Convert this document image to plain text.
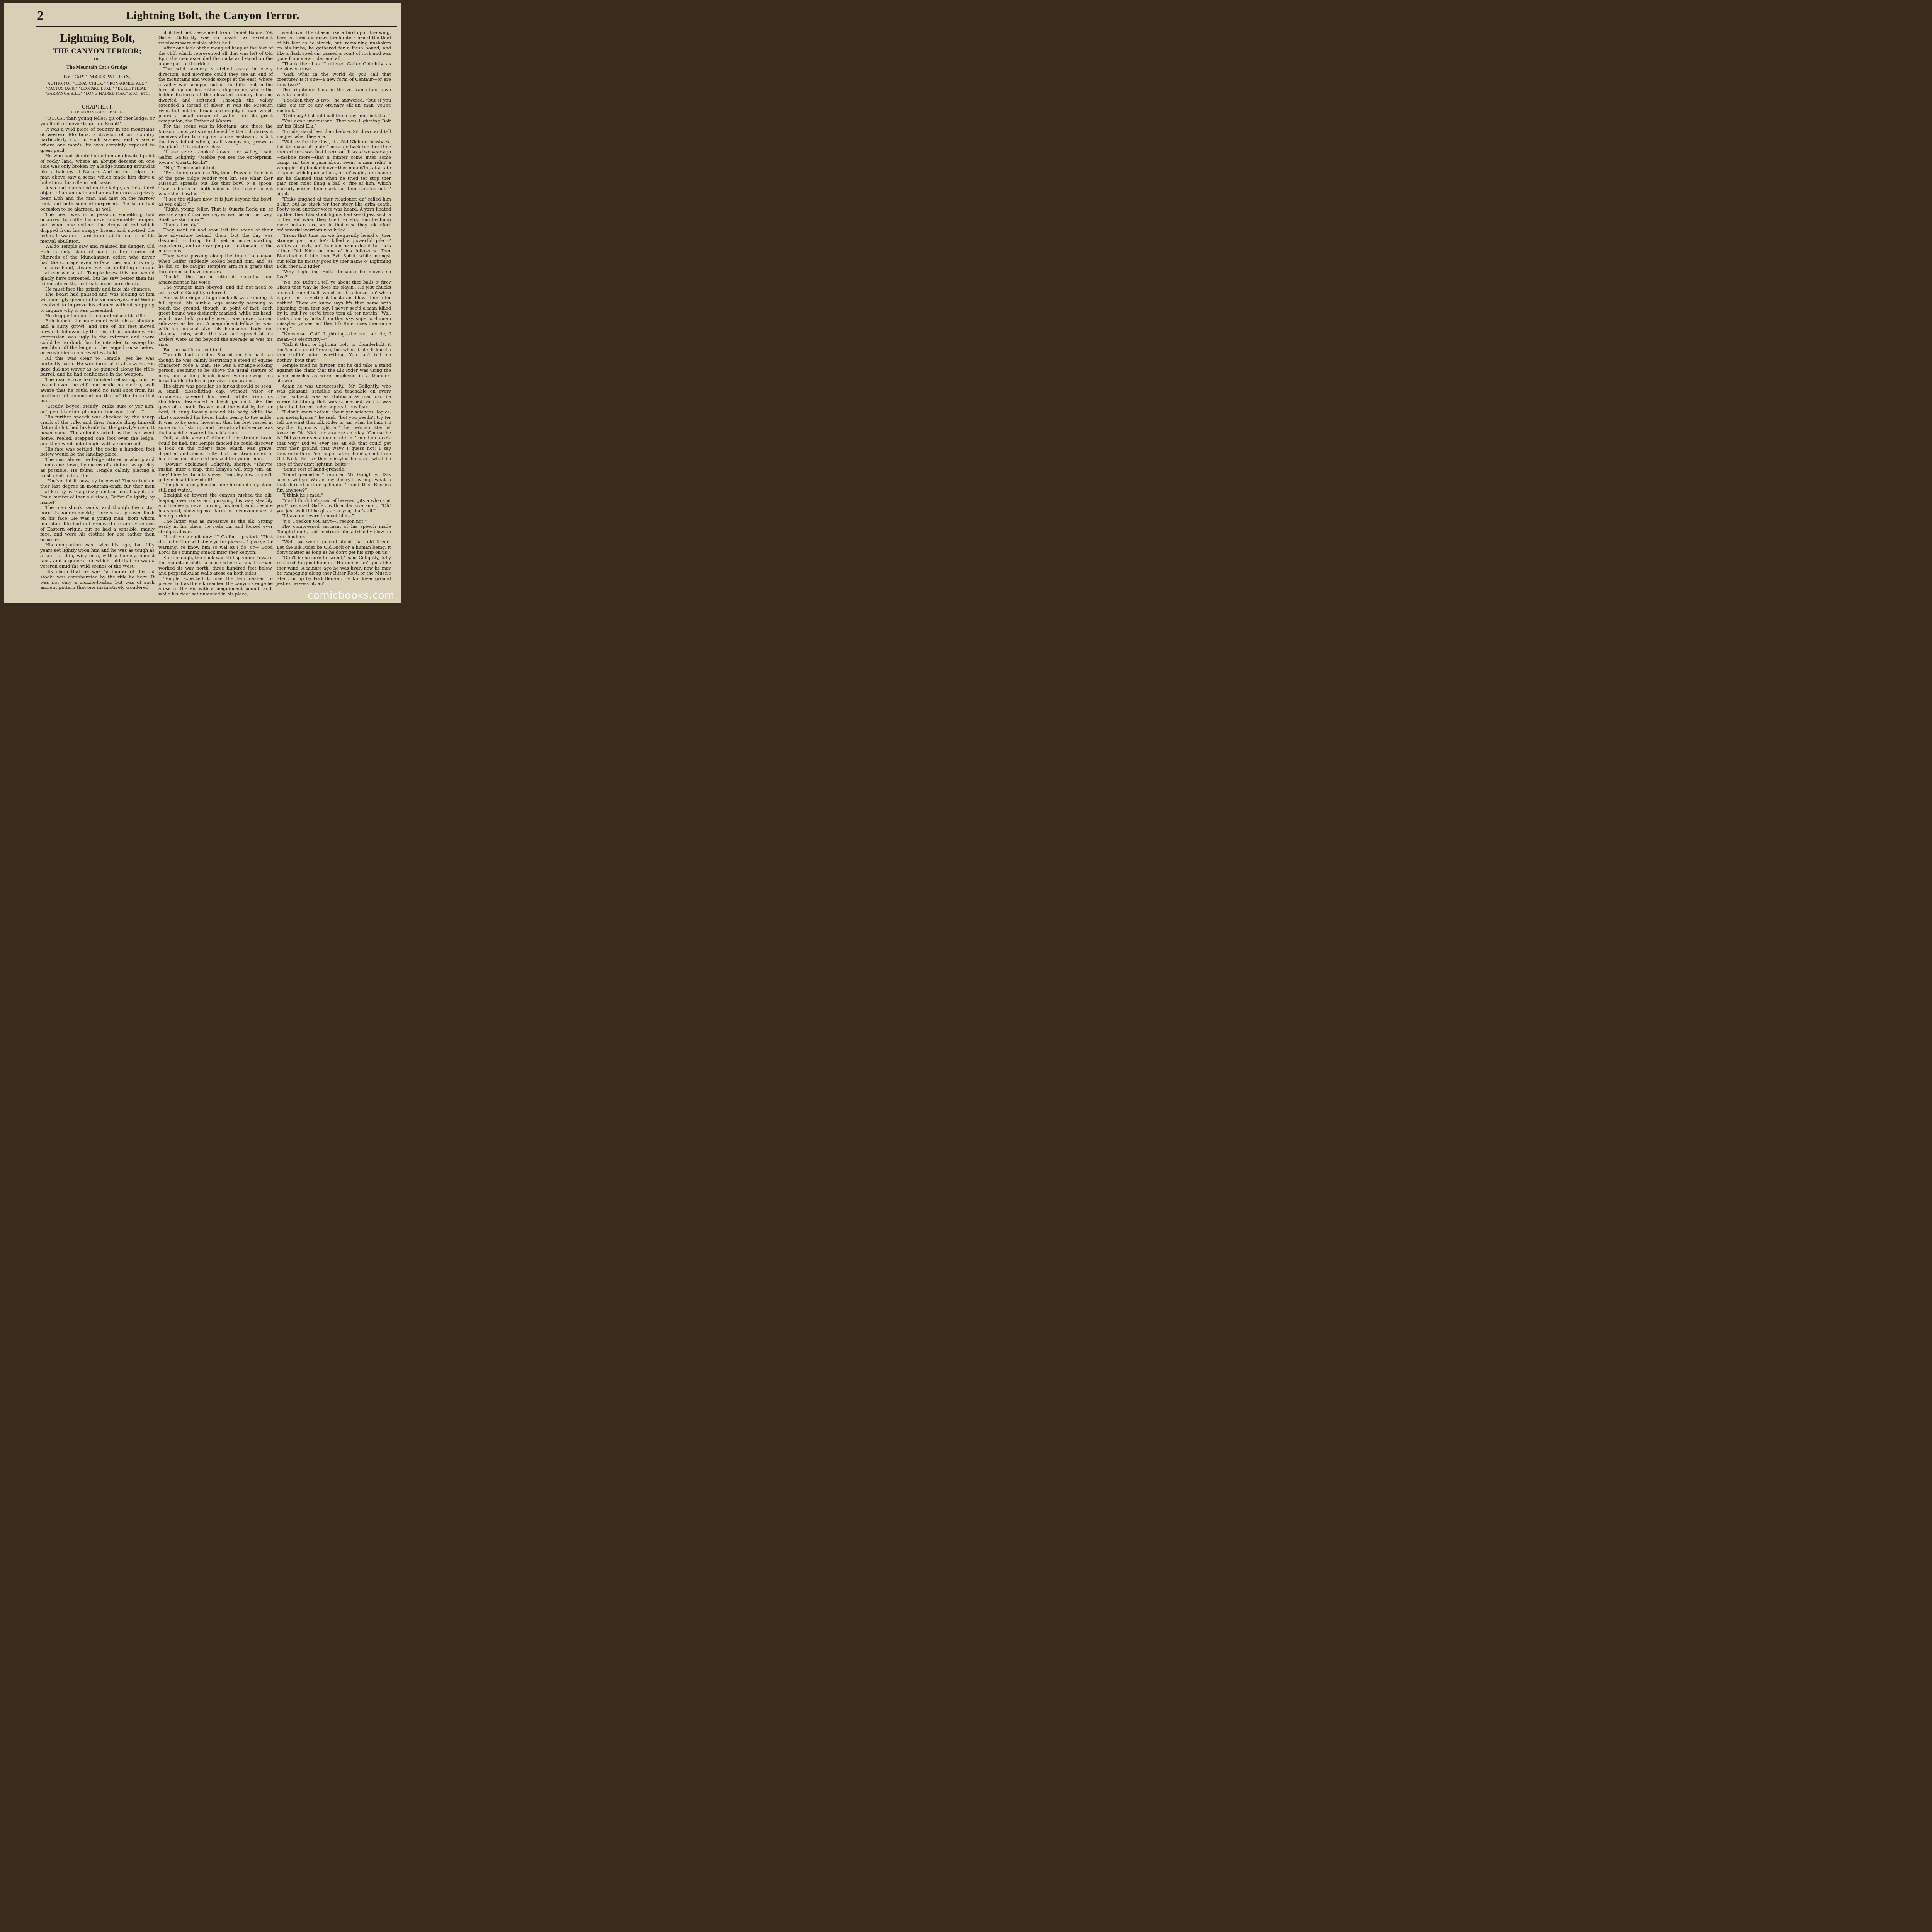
2	Lightning Bolt, the Canyon Terror.
Lightning Bolt,
THE CANYON TERROR;
OR,
The Mountain Cat's Grudge.
BY CAPT. MARK WILTON,
AUTHOR OF “TEXAS CHICK,” “IRON-ARMED ABE,” “CACTUS JACK,” “LEOPARD LUKE,” “BULLET HEAD,” “BARRANCA BILL,” “LONG-HAIRED MAX,” ETC., ETC.
CHAPTER I.
THE MOUNTAIN DEMON.

“QUICK, thar, young feller; git off ther ledge, or you'll git off never to git up. Scoot!”

It was a wild piece of country in the mountains of western Montana, a division of our country particularly rich in such scenes; and a scene where one man's life was certainly exposed to great peril.

He who had shouted stood on an elevated point of rocky land, where an abrupt descent on one side was only broken by a ledge running around it like a balcony of Nature. And on the ledge the man above saw a scene which made him drive a bullet into his rifle in hot haste.

A second man stood on the ledge, as did a third object of an animate and animal nature—a grizzly bear. Eph and the man had met on the narrow rock and both seemed surprised. The latter had occasion to be alarmed, as well.

The bear was in a passion; something had occurred to ruffle his never-too-amiable temper, and when one noticed the drops of red which dripped from his shaggy breast and spotted the ledge, it was not hard to get at the nature of his mental ebullition.

Waldo Temple saw and realized his danger. Old Eph is only slain off-hand in the stories of Nimrods of the Munchausen order, who never had the courage even to face one, and it is only the sure hand, steady eye and unfailing courage that can win at all. Temple knew this and would gladly have retreated, but he saw better than his friend above that retreat meant sure death.

He must face the grizzly and take his chances.

The beast had paused and was looking at him with an ugly gleam in his vicious eyes, and Waldo resolved to improve his chance without stopping to inquire why it was presented.

He dropped on one knee and raised his rifle.

Eph beheld the movement with dissatisfaction and a surly growl, and one of his feet moved forward, followed by the rest of his anatomy. His expression was ugly in the extreme and there could be no doubt but he intended to sweep his neighbor off the ledge to the ragged rocks below, or crush him in his resistless hold.

All this was clear to Temple, yet he was perfectly calm. He wondered at it afterward. His gaze did not waver as he glanced along the rifle-barrel, and he had confidence in the weapon.

The man above had finished reloading, but he leaned over the cliff and made no motion, well aware that he could send no fatal shot from his position; all depended on that of the imperiled man.

“Steady, boyee, steady! Make sure o' yer aim, an' give it ter him plump in ther eye. Don't—”

His further speech was checked by the sharp crack of the rifle, and then Temple flung himself flat and clutched his knife for the grizzly's rush. It never came. The animal started, as the lead went home, reeled, stepped one foot over the ledge, and then went out of sight with a somersault.

His fate was settled; the rocks a hundred feet below would be the landing-place.

The man above the ledge uttered a whoop and then came down, by means of a detour, as quickly as possible. He found Temple calmly placing a fresh shell in his rifle.

“You've did it now, by beeswax! You've tooken ther last degree in mountain-craft, fur ther man that kin lay over a grizzly ain't no fool. I say it, an' I'm a hunter o' ther old stock, Gaffer Golightly, by name!”

The men shook hands, and though the victor bore his honors meekly, there was a pleased flush on his face. He was a young man, from whom mountain life had not removed certain evidences of Eastern origin, but he had a sensible, manly face, and wore his clothes for use rather than ornament.

His companion was twice his age, but fifty years set lightly upon him and he was as tough as a knot; a thin, wiry man, with a homely, honest face, and a general air which told that he was a veteran amid the wild scenes of the West.

His claim that he was “a hunter of the old stock” was corroborated by the rifle he bore. It was not only a muzzle-loader, but was of such ancient pattern that one instinctively wondered

if it had not descended from Daniel Boone. Yet Gaffer Golightly was no fossil; two excellent revolvers were visible at his belt.

After one look at the mangled heap at the foot of the cliff, which represented all that was left of Old Eph, the men ascended the rocks and stood on the upper part of the ridge.

The wild scenery stretched away in every direction, and nowhere could they see an end of the mountains and woods except at the east, where a valley was scooped out of the hills—not in the form of a plain, but rather a depression, where the bolder features of the elevated country became dwarfed and softened. Through the valley extended a thread of silver. It was the Missouri river, but not the broad and mighty stream which pours a small ocean of water into its great companion, the Father of Waters.

For the scene was in Montana, and there the Missouri, not yet strengthened by the tributaries it receives after turning its course eastward, is but the lusty infant which, as it sweeps on, grows to the giant of its maturer days.

“I see ye're a-lookin' down ther valley,” said Gaffer Golightly. “Mebbe you see the enterprisin' town o' Quartz Rock?”

“No,” Temple admitted.

“Eye ther stream clos'tly, then. Down at ther foot of the pine ridge yender you kin see whar ther Missouri spreads out like ther bowl o' a spoon. Thar is bluffs on both sides o' ther river except whar ther bowl is—”

“I see the village now; it is just beyond the bowl, as you call it.”

“Right, young feller. That is Quartz Rock, an' ef we are a-goin' thar we may ez well be on ther way. Shall we start now?”

“I am all ready.”

They went on and soon left the scene of their late adventure behind them, but the day was destined to bring forth yet a more startling experience, and one ranging on the domain of the marvelous.

They were passing along the top of a canyon when Gaffer suddenly looked behind him, and, as he did so, he caught Temple's arm in a grasp that threatened to leave its mark.

“Look!” the hunter uttered, surprise and amazement in his voice.

The younger man obeyed, and did not need to ask to what Golightly referred.

Across the ridge a huge buck elk was running at full speed, his nimble legs scarcely seeming to touch the ground, though, in point of fact, each great bound was distinctly marked; while his head, which was held proudly erect, was never turned sideways as he ran. A magnificent fellow he was, with his unusual size, his handsome body and shapely limbs, while the size and spread of his antlers were as far beyond the average as was his size.

But the half is not yet told.

The elk had a rider. Seated on his back as though he was calmly bestriding a steed of equine character, rode a man. He was a strange-looking person, seeming to be above the usual stature of men, and a long black beard which swept his breast added to his impressive appearance.

His attire was peculiar, so far as it could be seen. A small, close-fitting cap, without visor or ornament, covered his head, while from his shoulders descended a black garment like the gown of a monk. Drawn in at the waist by belt or cord, it hung loosely around his body, while the skirt concealed his lower limbs nearly to the ankle. It was to be seen, however, that his feet rested in some sort of stirrup, and the natural inference was that a saddle covered the elk's back.

Only a side view of either of the strange twain could be had, but Temple fancied he could discover a look on the rider's face which was grave, dignified and almost lofty; but the strangeness of his dress and his steed amazed the young man.

“Down!” exclaimed Golightly, sharply. “They're rushin' inter a trap; ther kenyon will stop 'em, an' they'll hev ter turn this way. Then, lay low, or you'll get yer head blowed off!”

Temple scarcely heeded him; he could only stand still and watch.

Straight on toward the canyon rushed the elk, leaping over rocks and pursuing his way steadily and tirelessly, never turning his head; and, despite his speed, showing no alarm or inconvenience at having a rider.

The latter was as impassive as the elk. Sitting easily in his place, he rode on, and looked ever straight ahead.

“I tell ye ter git down!” Gaffer repeated. “That durned critter will stove ye ter pieces—I give ye far warning. Ye know him so wal ez I do, or— Good Lord! he's running smack inter ther kenyon.”

Sure enough, the buck was still speeding toward the mountain cleft—a place where a small stream worked its way north, three hundred feet below, and perpendicular walls arose on both sides.

Temple expected to see the two dashed to pieces, but as the elk reached the canyon's edge he arose in the air with a magnificent bound, and, while his rider sat unmoved in his place,

went over the chasm like a bird upon the wing. Even at their distance, the hunters heard the thud of his feet as he struck; but, remaining unshaken on his limbs, he gathered for a fresh bound, and like a flash sped on; passed a point of rock and was gone from view, rider and all.

“Thank ther Lord!” uttered Gaffer Golightly, as he slowly arose.

“Gaff, what in the world do you call that creature? Is it one—a new form of Centaur—or are they two?”

The frightened look on the veteran's face gave way to a smile.

“I reckon they is two,” he answered; “but ef you take 'em ter be any ord'nary elk an' man, you're mistook.”

“Ordinary? I should call them anything but that.”

“You don't understand. That was Lightning Bolt an' his Giant Elk.”

“I understand less than before. Sit down and tell me just what they are.”

“Wal, ez fur ther last, it's Old Nick on hossback, but ter make all plain I must go back ter ther time ther critters was fust heerd on. It was two year ago—mebbe more—that a hunter come inter some camp, an' tole a yarn about seein' a man ridin' a whoppin' big buck elk over ther mount'in', at a rate o' speed which puts a hoss, or an' eagle, ter shame; an' he claimed that when he tried ter stop ther pair, ther rider flung a ball o' fire at him, which narrerly missed ther mark, an' then scooted out o' sight.

“Folks laughed at ther relationer, an' called him a liar; but he stuck ter ther story like grim death. Pooty soon another voice was heard. A yarn floated up that ther Blackfoot Injuns had see'd jest sech a critter, an' when they tried ter stop him he flung more bolts o' fire, an' in that case they tuk effect an' severial warriors was killed.

“From that time on we frequently heerd o' ther strange pair, an' he's killed a powerful pile o' whites an' reds, an' thar kin be no doubt but he's either Old Nick or one o' his followers. Ther Blackfeet call him ther Evil Spirit, while 'mongst our folks he mostly goes by ther name o' Lightning Bolt, ther Elk Rider.”

“Why Lightning Bolt?—because he moves so fast?”

“No, no! Didn't I tell ye about ther balls o' fire? That's ther way he does his slayin'. He jest chucks a small, round ball, which is all ableeze, an' when it gets ter its victim it bu'sts an' blows him inter nothin'. Them ez know says it's ther same with lightning from ther sky. I never see'd a man killed by it, but I've see'd trees torn all ter nothin'. Wal, that's done by bolts from ther sky, superior-human missyles, ye see, an' ther Elk Rider uses ther same thing.”

“Nonsense, Gaff. Lightning—the real article, I mean—is electricity—”

“Call it that, or lightnin' bolt, or thunderbolt, it don't make no diff'rence; but when it hits it knocks ther stuffin' outer ev'rything. You can't tell me nothin' 'bout that!”

Temple tried no further, but he did take a stand against the claim that the Elk Rider was using the same missiles as were employed in a thunder-shower.

Again he was unsuccessful. Mr. Golightly, who was pleasant, sensible and teachable on every other subject, was as stubborn as man can be where Lightning Bolt was concerned, and it was plain he labored under superstitious fear.

“I don't know nothin' about yer sciences, logics, nor metaphysics,” he said, “but you needn't try ter tell me what ther Elk Rider is, an' what he hain't. I say ther Injuns is right, an' that he's a critter let loose by Old Nick ter scourge an' slay. 'Course he is! Did ye ever see a man canterin' 'round on an elk that way? Did ye ever see an elk that could get over ther ground that way? I guess not! I say they're both on 'em supernat'ral bein's, sent from Old Nick. Ez fur ther missyles he uses, what be they ef they ain't lightnin' bolts?”

“Some sort of hand-grenade.”

“Hand grenadier!” retorted Mr. Golightly. ‘Talk sense, will ye! Wal, ef my theory is wrong, what is that durned critter gallopin' 'round ther Rockies fur, anyhow?”

“I think he's mad.”

“You'll think he's mad ef he ever gits a whack at you!” retorted Gaffer, with a derisive snort. “Oh! you jest wait till he gits arter you; that's all!”

“I have no desire to meet him—”

“No, I reckon you ain't—I reckon not!”

The compressed sarcasm of his speech made Temple laugh, and he struck him a friendly blow on the shoulder.

“Well, we won't quarrel about that, old friend. Let the Elk Rider be Old Nick or a human being, it don't matter as long as he don't get his grip on us.”

“Don't be so sure he won't,” said Golightly, fully restored to good-humor. “He comes an' goes like ther wind. A minute ago he was hyar; now he may be rampaging along ther Bitter Root, or the Muscle Shell, or up by Fort Benton. He kin kiver ground jest ez he sees fit, an'

comicbooks.com
